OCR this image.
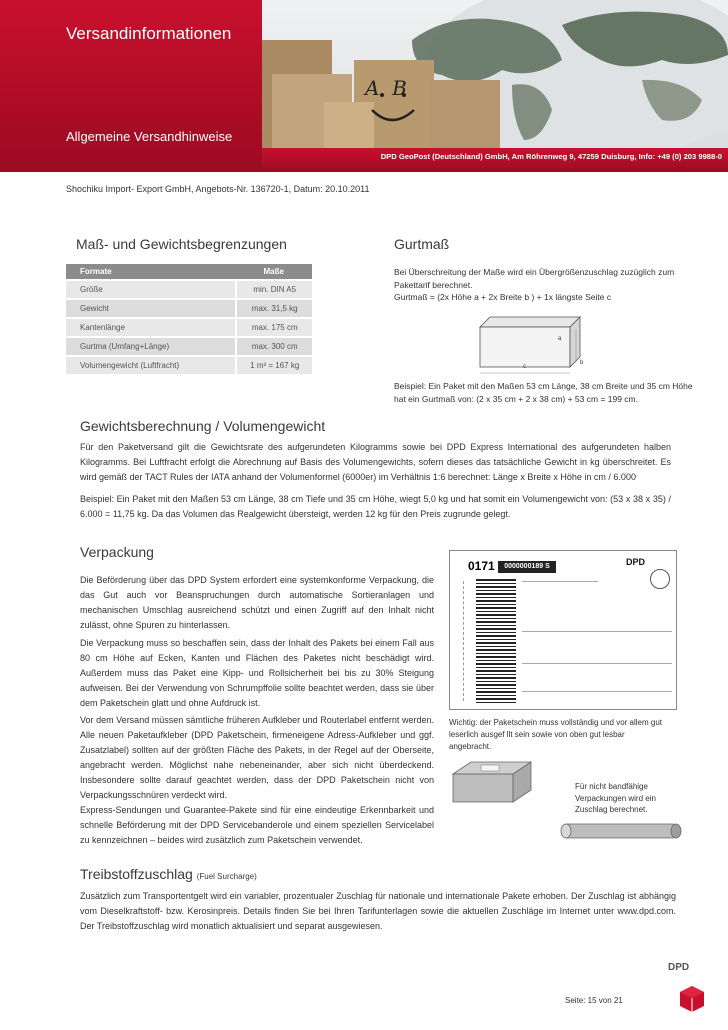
A  B
Versandinformationen
Allgemeine Versandhinweise
DPD GeoPost (Deutschland) GmbH, Am Röhrenweg 9, 47259 Duisburg, Info: +49 (0) 203 9988-0
Shochiku Import- Export GmbH, Angebots-Nr. 136720-1, Datum: 20.10.2011
Maß- und Gewichtsbegrenzungen
Formate	Maße
Größe	min. DIN A5
Gewicht	max. 31,5 kg
Kantenlänge	max. 175 cm
Gurtma (Umfang+Länge)	max. 300 cm
Volumengewicht (Luftfracht)	1 m³ = 167 kg
Gurtmaß
Bei Überschreitung der Maße wird ein Übergrößenzuschlag zuzüglich zum Pakettarif berechnet.
Gurtmaß = (2x Höhe a + 2x Breite b ) + 1x längste Seite c
a
b
c
Beispiel: Ein Paket mit den Maßen 53 cm Länge, 38 cm Breite und 35 cm Höhe hat ein Gurtmaß von: (2 x 35 cm + 2 x 38 cm) + 53 cm = 199 cm.
Gewichtsberechnung / Volumengewicht
Für den Paketversand gilt die Gewichtsrate des aufgerundeten Kilogramms sowie bei DPD Express International des aufgerundeten halben Kilogramms. Bei Luftfracht erfolgt die Abrechnung auf Basis des Volumengewichts, sofern dieses das tatsächliche Gewicht in kg überschreitet. Es wird gemäß der TACT Rules der IATA anhand der Volumenformel (6000er) im Verhältnis 1:6 berechnet: Länge x Breite x Höhe in cm / 6.000
Beispiel: Ein Paket mit den Maßen 53 cm Länge, 38 cm Tiefe und 35 cm Höhe, wiegt 5,0 kg und hat somit ein Volumengewicht von: (53 x 38 x 35) / 6.000 = 11,75 kg. Da das Volumen das Realgewicht übersteigt, werden 12 kg für den Preis zugrunde gelegt.
Verpackung
Die Beförderung über das DPD System erfordert eine systemkonforme Verpackung, die das Gut auch vor Beanspruchungen durch automatische Sortieranlagen und mechanischen Umschlag ausreichend schützt und einen Zugriff auf den Inhalt nicht zulässt, ohne Spuren zu hinterlassen.
Die Verpackung muss so beschaffen sein, dass der Inhalt des Pakets bei einem Fall aus 80 cm Höhe auf Ecken, Kanten und Flächen des Paketes nicht beschädigt wird. Außerdem muss das Paket eine Kipp- und Rollsicherheit bei bis zu 30% Steigung aufweisen. Bei der Verwendung von Schrumpffolie sollte beachtet werden, dass sie über dem Paketschein glatt und ohne Aufdruck ist.
Vor dem Versand müssen sämtliche früheren Aufkleber und Routerlabel entfernt werden. Alle neuen Paketaufkleber (DPD Paketschein, firmeneigene Adress-Aufkleber und ggf. Zusatzlabel) sollten auf der größten Fläche des Pakets, in der Regel auf der Oberseite, angebracht werden. Möglichst nahe nebeneinander, aber sich nicht überdeckend. Insbesondere sollte darauf geachtet werden, dass der DPD Paketschein nicht von Verpackungsschnüren verdeckt wird.
Express-Sendungen und Guarantee-Pakete sind für eine eindeutige Erkennbarkeit und schnelle Beförderung mit der DPD Servicebanderole und einem speziellen Servicelabel zu kennzeichnen – beides wird zusätzlich zum Paketschein verwendet.
0171	0000000189 S	DPD
Wichtig: der Paketschein muss vollständig und vor allem gut leserlich ausgef llt sein sowie von oben gut lesbar angebracht.
Für nicht bandfähige Verpackungen wird ein Zuschlag berechnet.
Treibstoffzuschlag (Fuel Surcharge)
Zusätzlich zum Transportentgelt wird ein variabler, prozentualer Zuschlag für nationale und internationale Pakete erhoben. Der Zuschlag ist abhängig vom Dieselkraftstoff- bzw. Kerosinpreis. Details finden Sie bei Ihren Tarifunterlagen sowie die aktuellen Zuschläge im Internet unter www.dpd.com. Der Treibstoffzuschlag wird monatlich aktualisiert und separat ausgewiesen.
Seite: 15 von 21
DPD
